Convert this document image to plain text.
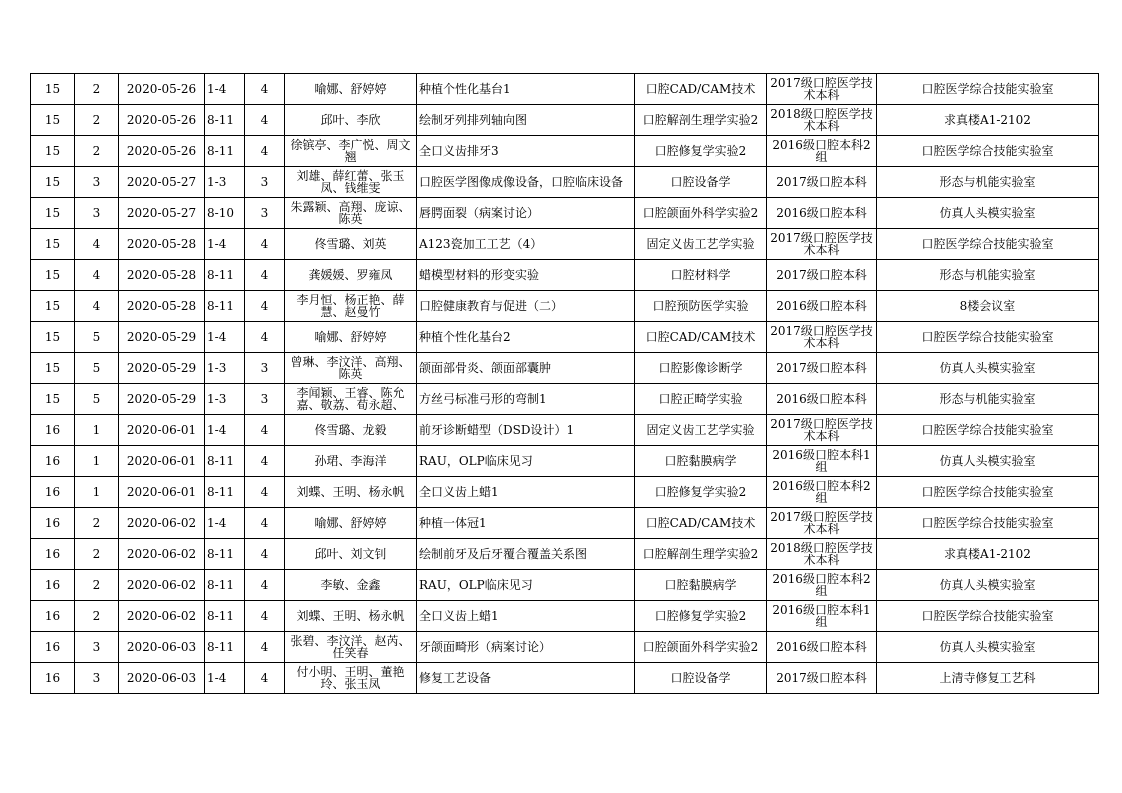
15	2	2020-05-26	1-4	4	喻娜、舒婷婷	种植个性化基台1	口腔CAD/CAM技术	2017级口腔医学技术本科	口腔医学综合技能实验室
15	2	2020-05-26	8-11	4	邱叶、李欣	绘制牙列排列轴向图	口腔解剖生理学实验2	2018级口腔医学技术本科	求真楼A1-2102
15	2	2020-05-26	8-11	4	徐镔亭、李广悦、周文翘	全口义齿排牙3	口腔修复学实验2	2016级口腔本科2组	口腔医学综合技能实验室
15	3	2020-05-27	1-3	3	刘雄、薛红蕾、张玉凤、钱维雯	口腔医学图像成像设备，口腔临床设备	口腔设备学	2017级口腔本科	形态与机能实验室
15	3	2020-05-27	8-10	3	朱露颖、高翔、庞谅、陈英	唇腭面裂（病案讨论）	口腔颌面外科学实验2	2016级口腔本科	仿真人头模实验室
15	4	2020-05-28	1-4	4	佟雪璐、刘英	A123瓷加工工艺（4）	固定义齿工艺学实验	2017级口腔医学技术本科	口腔医学综合技能实验室
15	4	2020-05-28	8-11	4	龚媛媛、罗雍凤	蜡模型材料的形变实验	口腔材料学	2017级口腔本科	形态与机能实验室
15	4	2020-05-28	8-11	4	李月恒、杨正艳、薛慧、赵曼竹	口腔健康教育与促进（二）	口腔预防医学实验	2016级口腔本科	8楼会议室
15	5	2020-05-29	1-4	4	喻娜、舒婷婷	种植个性化基台2	口腔CAD/CAM技术	2017级口腔医学技术本科	口腔医学综合技能实验室
15	5	2020-05-29	1-3	3	曾琳、李汶洋、高翔、陈英	颌面部骨炎、颌面部囊肿	口腔影像诊断学	2017级口腔本科	仿真人头模实验室
15	5	2020-05-29	1-3	3	李闻颖、王睿、陈允嘉、敬荔、荀永超、	方丝弓标准弓形的弯制1	口腔正畸学实验	2016级口腔本科	形态与机能实验室
16	1	2020-06-01	1-4	4	佟雪璐、龙毅	前牙诊断蜡型（DSD设计）1	固定义齿工艺学实验	2017级口腔医学技术本科	口腔医学综合技能实验室
16	1	2020-06-01	8-11	4	孙珺、李海洋	RAU，OLP临床见习	口腔黏膜病学	2016级口腔本科1组	仿真人头模实验室
16	1	2020-06-01	8-11	4	刘蝶、王明、杨永帆	全口义齿上蜡1	口腔修复学实验2	2016级口腔本科2组	口腔医学综合技能实验室
16	2	2020-06-02	1-4	4	喻娜、舒婷婷	种植一体冠1	口腔CAD/CAM技术	2017级口腔医学技术本科	口腔医学综合技能实验室
16	2	2020-06-02	8-11	4	邱叶、刘文钊	绘制前牙及后牙覆合覆盖关系图	口腔解剖生理学实验2	2018级口腔医学技术本科	求真楼A1-2102
16	2	2020-06-02	8-11	4	李敏、金鑫	RAU，OLP临床见习	口腔黏膜病学	2016级口腔本科2组	仿真人头模实验室
16	2	2020-06-02	8-11	4	刘蝶、王明、杨永帆	全口义齿上蜡1	口腔修复学实验2	2016级口腔本科1组	口腔医学综合技能实验室
16	3	2020-06-03	8-11	4	张碧、李汶洋、赵芮、任笑春	牙颌面畸形（病案讨论）	口腔颌面外科学实验2	2016级口腔本科	仿真人头模实验室
16	3	2020-06-03	1-4	4	付小明、王明、董艳玲、张玉凤	修复工艺设备	口腔设备学	2017级口腔本科	上清寺修复工艺科
